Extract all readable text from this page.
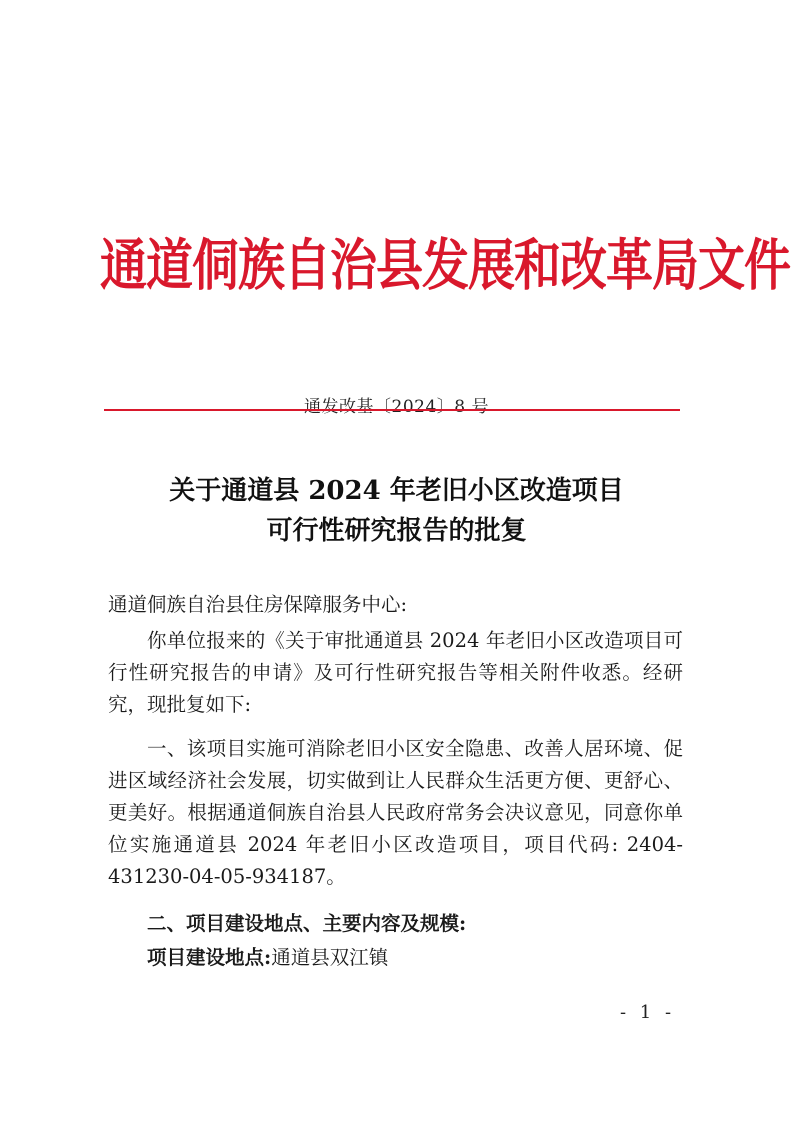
通道侗族自治县发展和改革局文件
通发改基〔2024〕8 号
关于通道县 2024 年老旧小区改造项目
可行性研究报告的批复
通道侗族自治县住房保障服务中心:
你单位报来的《关于审批通道县 2024 年老旧小区改造项目可行性研究报告的申请》及可行性研究报告等相关附件收悉。经研究，现批复如下:
一、该项目实施可消除老旧小区安全隐患、改善人居环境、促进区域经济社会发展，切实做到让人民群众生活更方便、更舒心、 更美好。根据通道侗族自治县人民政府常务会决议意见，同意你单位实施通道县 2024 年老旧小区改造项目，项目代码: 2404-431230-04-05-934187。
二、项目建设地点、主要内容及规模:
项目建设地点:通道县双江镇
- 1 -
